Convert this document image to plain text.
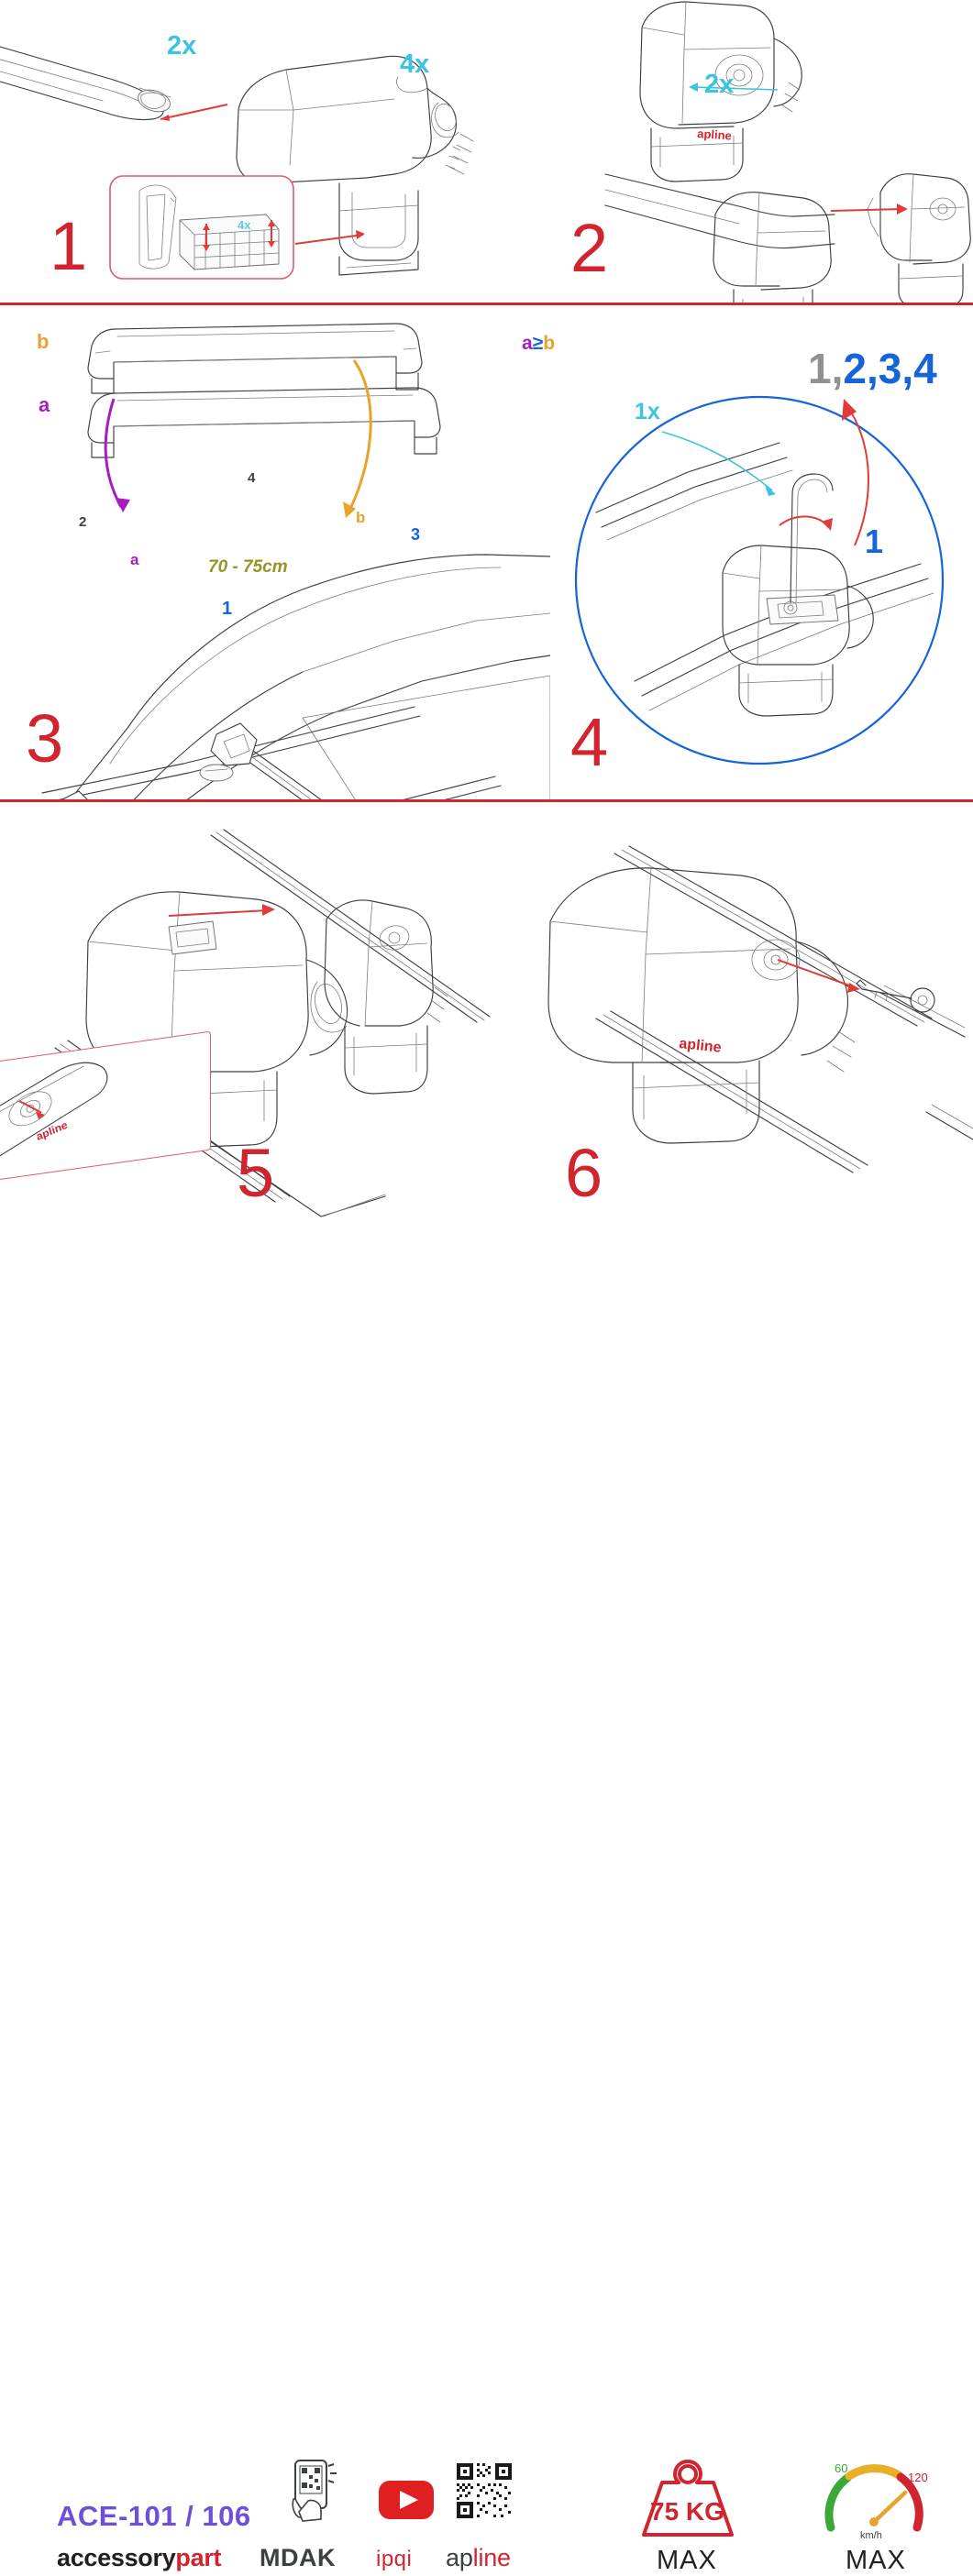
2x
4x
4x
1
apline
2x
2
b
a
a
b
70 - 75cm
1
2
3
4
3
a≥b
1x
1
1,2,3,4
4
apline
5
apline
6
ACE-101 / 106
accessorypart MDAK ipqi apline
75 KG
MAX
60
120
km/h
MAX
